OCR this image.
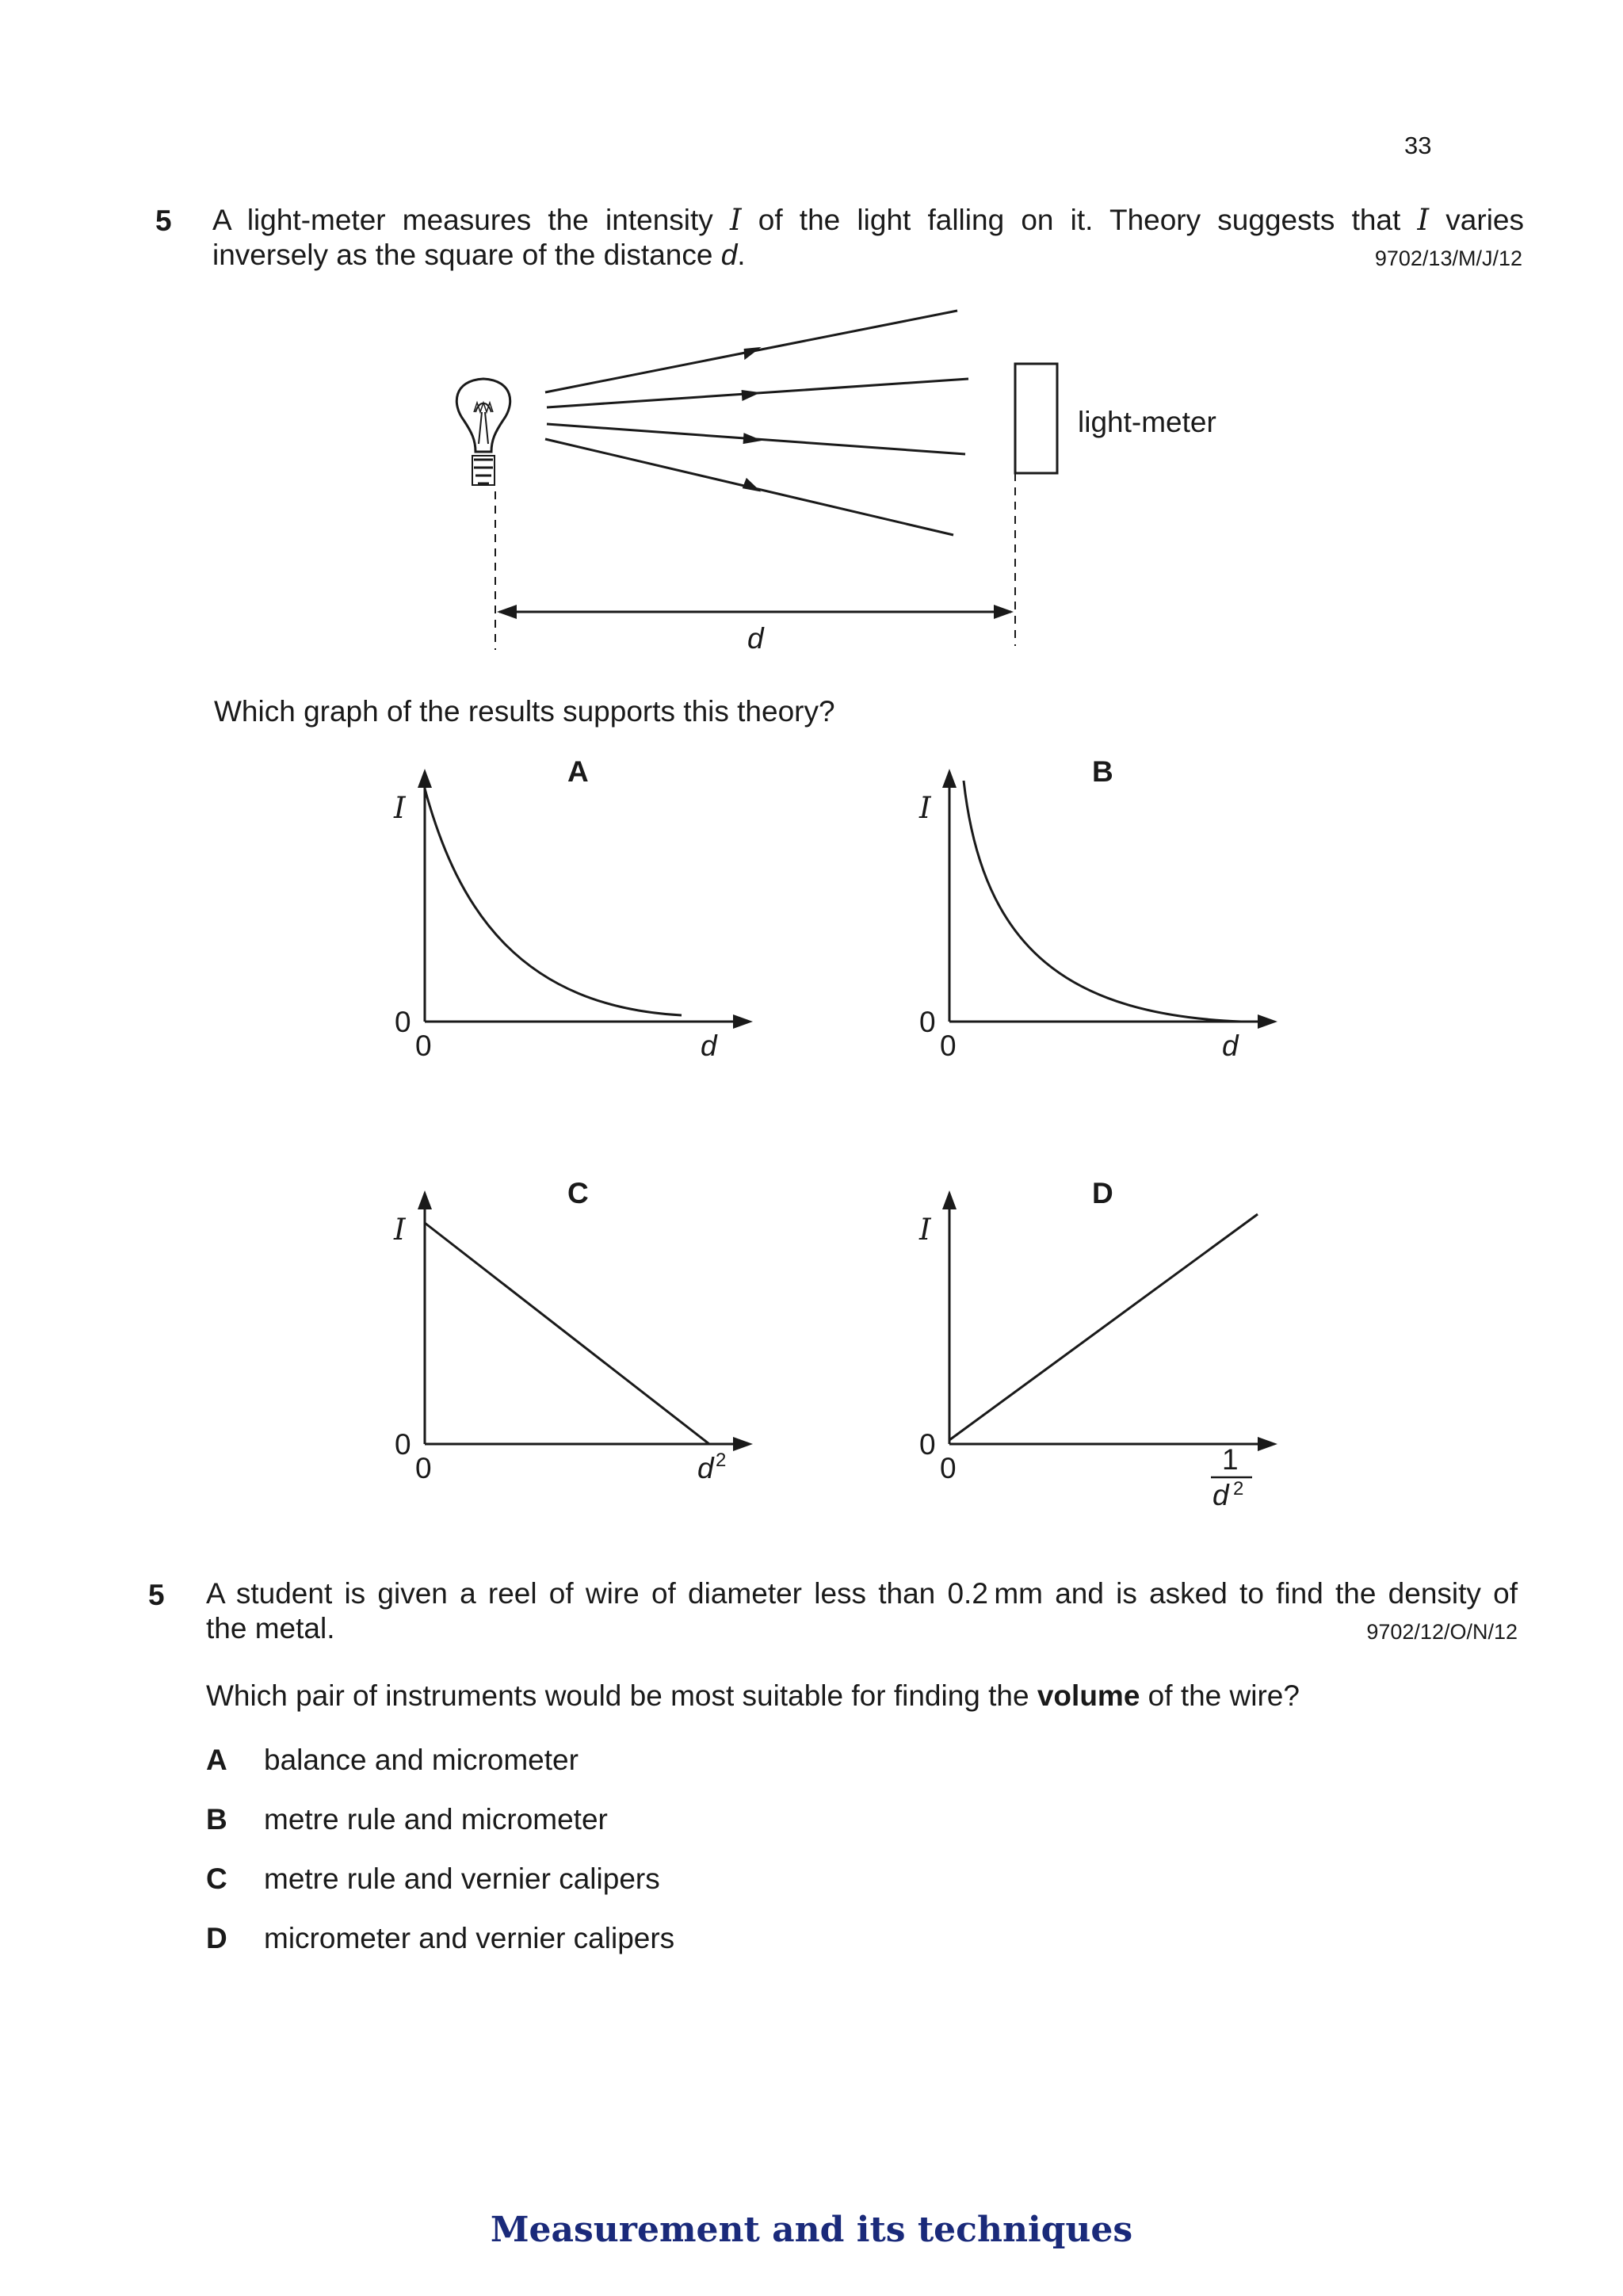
33
5 A light-meter measures the intensity I of the light falling on it. Theory suggests that I varies
inversely as the square of the distance d.	9702/13/M/J/12
light-meter
d
Which graph of the results supports this theory?
A
I
0
0	d
B
I
0
0	d
C
I
0
0	d 2
D
I
0
0	1
d 2
5 A student is given a reel of wire of diameter less than 0.2 mm and is asked to find the density of
the metal.	9702/12/O/N/12
Which pair of instruments would be most suitable for finding the volume of the wire?
A balance and micrometer
B metre rule and micrometer
C metre rule and vernier calipers
D micrometer and vernier calipers
Measurement and its techniques
